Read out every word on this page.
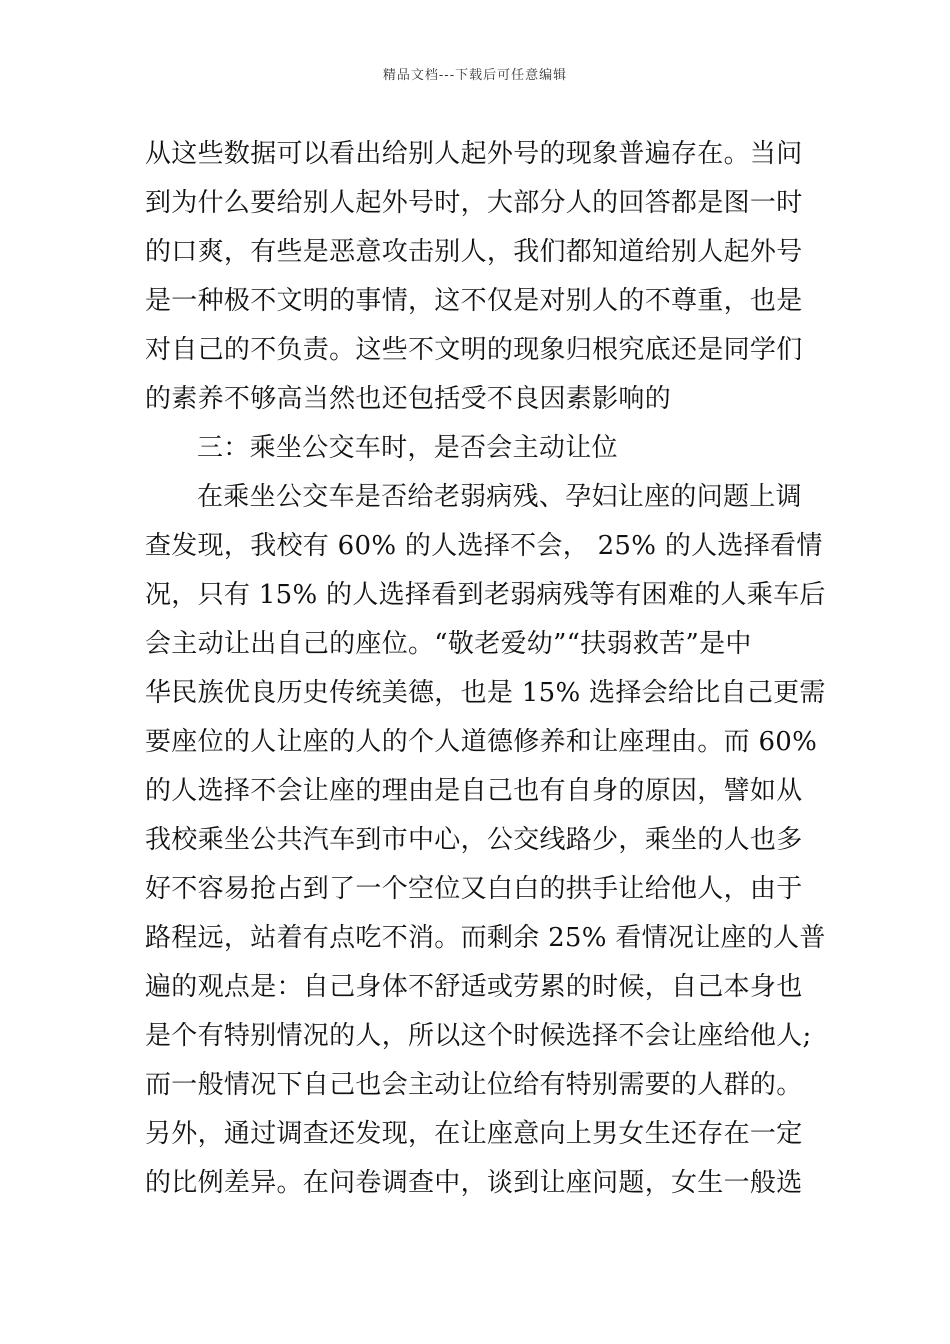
精品文档---下载后可任意编辑
从这些数据可以看出给别人起外号的现象普遍存在。当问
到为什么要给别人起外号时，大部分人的回答都是图一时
的口爽，有些是恶意攻击别人，我们都知道给别人起外号
是一种极不文明的事情，这不仅是对别人的不尊重，也是
对自己的不负责。这些不文明的现象归根究底还是同学们
的素养不够高当然也还包括受不良因素影响的
三：乘坐公交车时，是否会主动让位
在乘坐公交车是否给老弱病残、孕妇让座的问题上调
查发现，我校有 60% 的人选择不会， 25% 的人选择看情
况，只有 15% 的人选择看到老弱病残等有困难的人乘车后
会主动让出自己的座位。“敬老爱幼”“扶弱救苦”是中
华民族优良历史传统美德，也是 15% 选择会给比自己更需
要座位的人让座的人的个人道德修养和让座理由。而 60%
的人选择不会让座的理由是自己也有自身的原因，譬如从
我校乘坐公共汽车到市中心，公交线路少，乘坐的人也多
好不容易抢占到了一个空位又白白的拱手让给他人，由于
路程远，站着有点吃不消。而剩余 25% 看情况让座的人普
遍的观点是：自己身体不舒适或劳累的时候，自己本身也
是个有特别情况的人，所以这个时候选择不会让座给他人;
而一般情况下自己也会主动让位给有特别需要的人群的。
另外，通过调查还发现，在让座意向上男女生还存在一定
的比例差异。在问卷调查中，谈到让座问题，女生一般选
